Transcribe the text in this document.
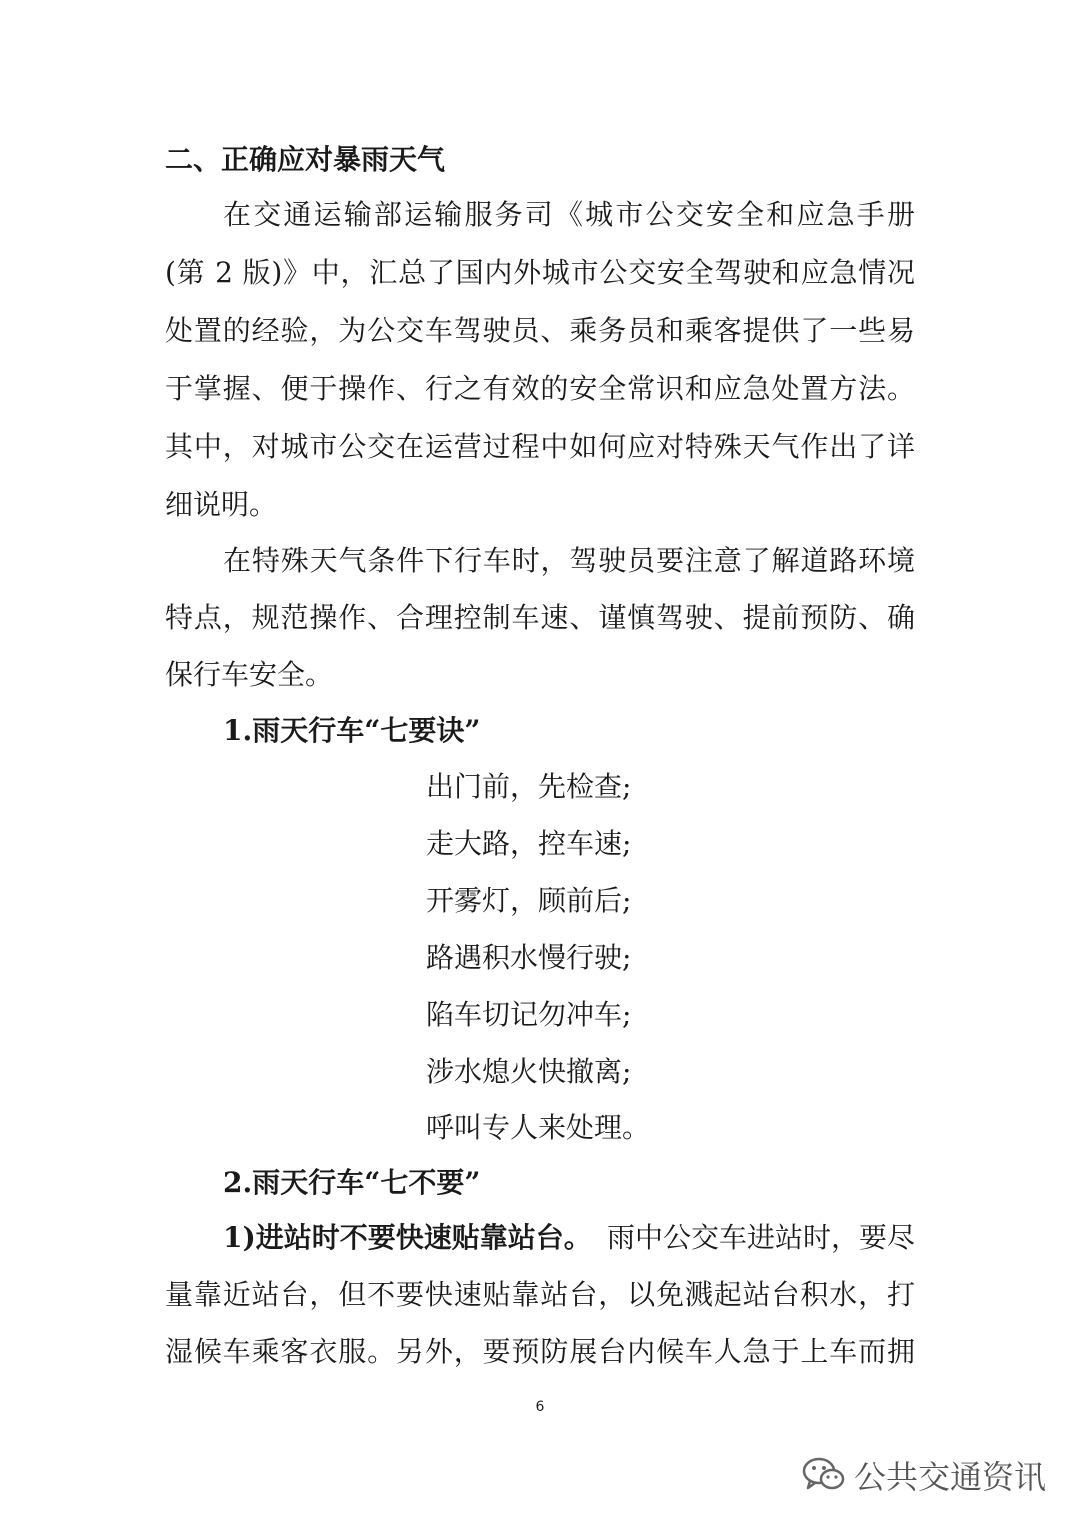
二、正确应对暴雨天气
在交通运输部运输服务司《城市公交安全和应急手册
(第 2 版)》中，汇总了国内外城市公交安全驾驶和应急情况
处置的经验，为公交车驾驶员、乘务员和乘客提供了一些易
于掌握、便于操作、行之有效的安全常识和应急处置方法。
其中，对城市公交在运营过程中如何应对特殊天气作出了详
细说明。
在特殊天气条件下行车时，驾驶员要注意了解道路环境
特点，规范操作、合理控制车速、谨慎驾驶、提前预防、确
保行车安全。
1.雨天行车“七要诀”
出门前，先检查;
走大路，控车速;
开雾灯，顾前后;
路遇积水慢行驶;
陷车切记勿冲车;
涉水熄火快撤离;
呼叫专人来处理。
2.雨天行车“七不要”
1)进站时不要快速贴靠站台。 雨中公交车进站时，要尽
量靠近站台，但不要快速贴靠站台，以免溅起站台积水，打
湿候车乘客衣服。另外，要预防展台内候车人急于上车而拥
6
公共交通资讯
